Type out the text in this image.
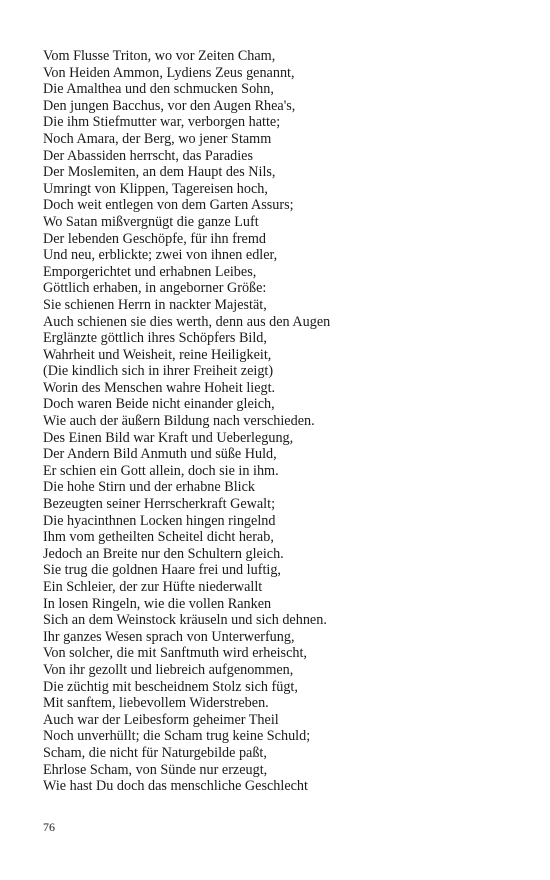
Vom Flusse Triton, wo vor Zeiten Cham,
Von Heiden Ammon, Lydiens Zeus genannt,
Die Amalthea und den schmucken Sohn,
Den jungen Bacchus, vor den Augen Rhea's,
Die ihm Stiefmutter war, verborgen hatte;
Noch Amara, der Berg, wo jener Stamm
Der Abassiden herrscht, das Paradies
Der Moslemiten, an dem Haupt des Nils,
Umringt von Klippen, Tagereisen hoch,
Doch weit entlegen von dem Garten Assurs;
Wo Satan mißvergnügt die ganze Luft
Der lebenden Geschöpfe, für ihn fremd
Und neu, erblickte; zwei von ihnen edler,
Emporgerichtet und erhabnen Leibes,
Göttlich erhaben, in angeborner Größe:
Sie schienen Herrn in nackter Majestät,
Auch schienen sie dies werth, denn aus den Augen
Erglänzte göttlich ihres Schöpfers Bild,
Wahrheit und Weisheit, reine Heiligkeit,
(Die kindlich sich in ihrer Freiheit zeigt)
Worin des Menschen wahre Hoheit liegt.
Doch waren Beide nicht einander gleich,
Wie auch der äußern Bildung nach verschieden.
Des Einen Bild war Kraft und Ueberlegung,
Der Andern Bild Anmuth und süße Huld,
Er schien ein Gott allein, doch sie in ihm.
Die hohe Stirn und der erhabne Blick
Bezeugten seiner Herrscherkraft Gewalt;
Die hyacinthnen Locken hingen ringelnd
Ihm vom getheilten Scheitel dicht herab,
Jedoch an Breite nur den Schultern gleich.
Sie trug die goldnen Haare frei und luftig,
Ein Schleier, der zur Hüfte niederwallt
In losen Ringeln, wie die vollen Ranken
Sich an dem Weinstock kräuseln und sich dehnen.
Ihr ganzes Wesen sprach von Unterwerfung,
Von solcher, die mit Sanftmuth wird erheischt,
Von ihr gezollt und liebreich aufgenommen,
Die züchtig mit bescheidnem Stolz sich fügt,
Mit sanftem, liebevollem Widerstreben.
Auch war der Leibesform geheimer Theil
Noch unverhüllt; die Scham trug keine Schuld;
Scham, die nicht für Naturgebilde paßt,
Ehrlose Scham, von Sünde nur erzeugt,
Wie hast Du doch das menschliche Geschlecht
76
